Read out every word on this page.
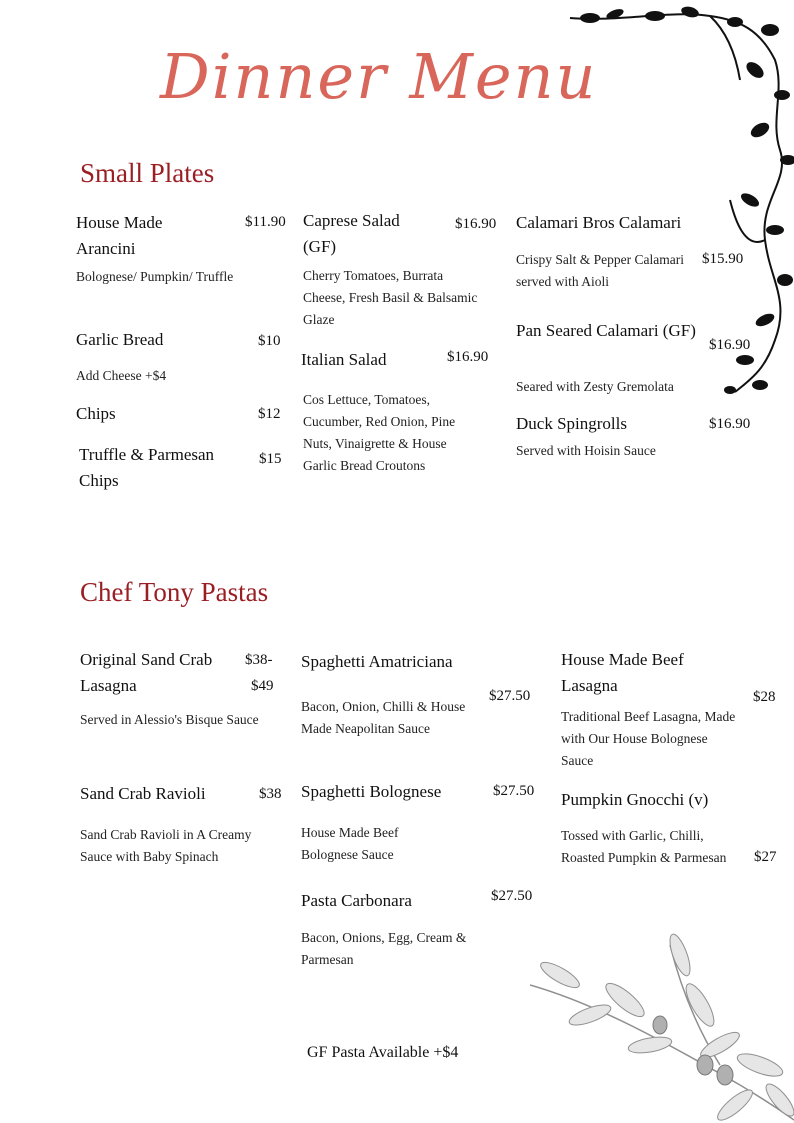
Dinner Menu
Small Plates
House Made Arancini
$11.90
Bolognese/ Pumpkin/ Truffle
Garlic Bread	$10
Add Cheese +$4
Chips	$12
Truffle & Parmesan Chips
$15
Caprese Salad (GF)
$16.90
Cherry Tomatoes, Burrata Cheese, Fresh Basil & Balsamic Glaze
Italian Salad	$16.90
Cos Lettuce, Tomatoes, Cucumber, Red Onion, Pine Nuts, Vinaigrette & House Garlic Bread Croutons
Calamari Bros Calamari
$15.90
Crispy Salt & Pepper Calamari served with Aioli
Pan Seared Calamari (GF)
$16.90
Seared with Zesty Gremolata
Duck Spingrolls	$16.90
Served with Hoisin Sauce
Chef Tony Pastas
Original Sand Crab Lasagna
$38-
$49
Served in Alessio's Bisque Sauce
Sand Crab Ravioli	$38
Sand Crab Ravioli in A Creamy Sauce with Baby Spinach
Spaghetti Amatriciana
$27.50
Bacon, Onion, Chilli & House Made Neapolitan Sauce
Spaghetti Bolognese	$27.50
House Made Beef Bolognese Sauce
Pasta Carbonara	$27.50
Bacon, Onions, Egg, Cream & Parmesan
House Made Beef Lasagna
$28
Traditional Beef Lasagna, Made with Our House Bolognese Sauce
Pumpkin Gnocchi (v)
$27
Tossed with Garlic, Chilli, Roasted Pumpkin & Parmesan
GF Pasta Available +$4
